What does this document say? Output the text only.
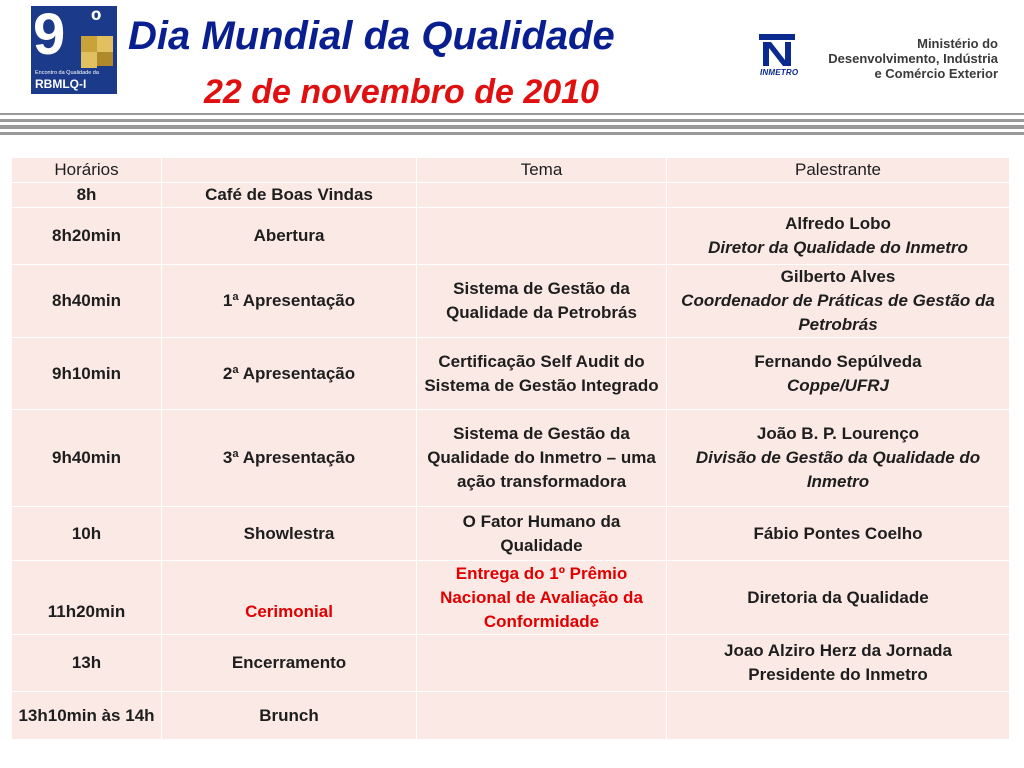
9 º
Encontro da Qualidade da
RBMLQ-I
Dia Mundial da Qualidade
22 de novembro de 2010
INMETRO
Ministério do
Desenvolvimento, Indústria
e Comércio Exterior
Horários		Tema	Palestrante
8h	Café de Boas Vindas		
8h20min	Abertura		Alfredo Lobo
Diretor da Qualidade do Inmetro

8h40min	1ª Apresentação	Sistema de Gestão da Qualidade da Petrobrás	Gilberto Alves
Coordenador de Práticas de Gestão da Petrobrás

9h10min	2ª Apresentação	Certificação Self Audit do Sistema de Gestão Integrado	Fernando Sepúlveda
Coppe/UFRJ

9h40min	3ª Apresentação	Sistema de Gestão da Qualidade do Inmetro – uma ação transformadora	João B. P. Lourenço
Divisão de Gestão da Qualidade do Inmetro

10h	Showlestra	O Fator Humano da Qualidade	Fábio Pontes Coelho
11h20min	Cerimonial	Entrega do 1º Prêmio Nacional de Avaliação da Conformidade	Diretoria da Qualidade
13h	Encerramento		Joao Alziro Herz da Jornada
Presidente do Inmetro

13h10min às 14h	Brunch		
